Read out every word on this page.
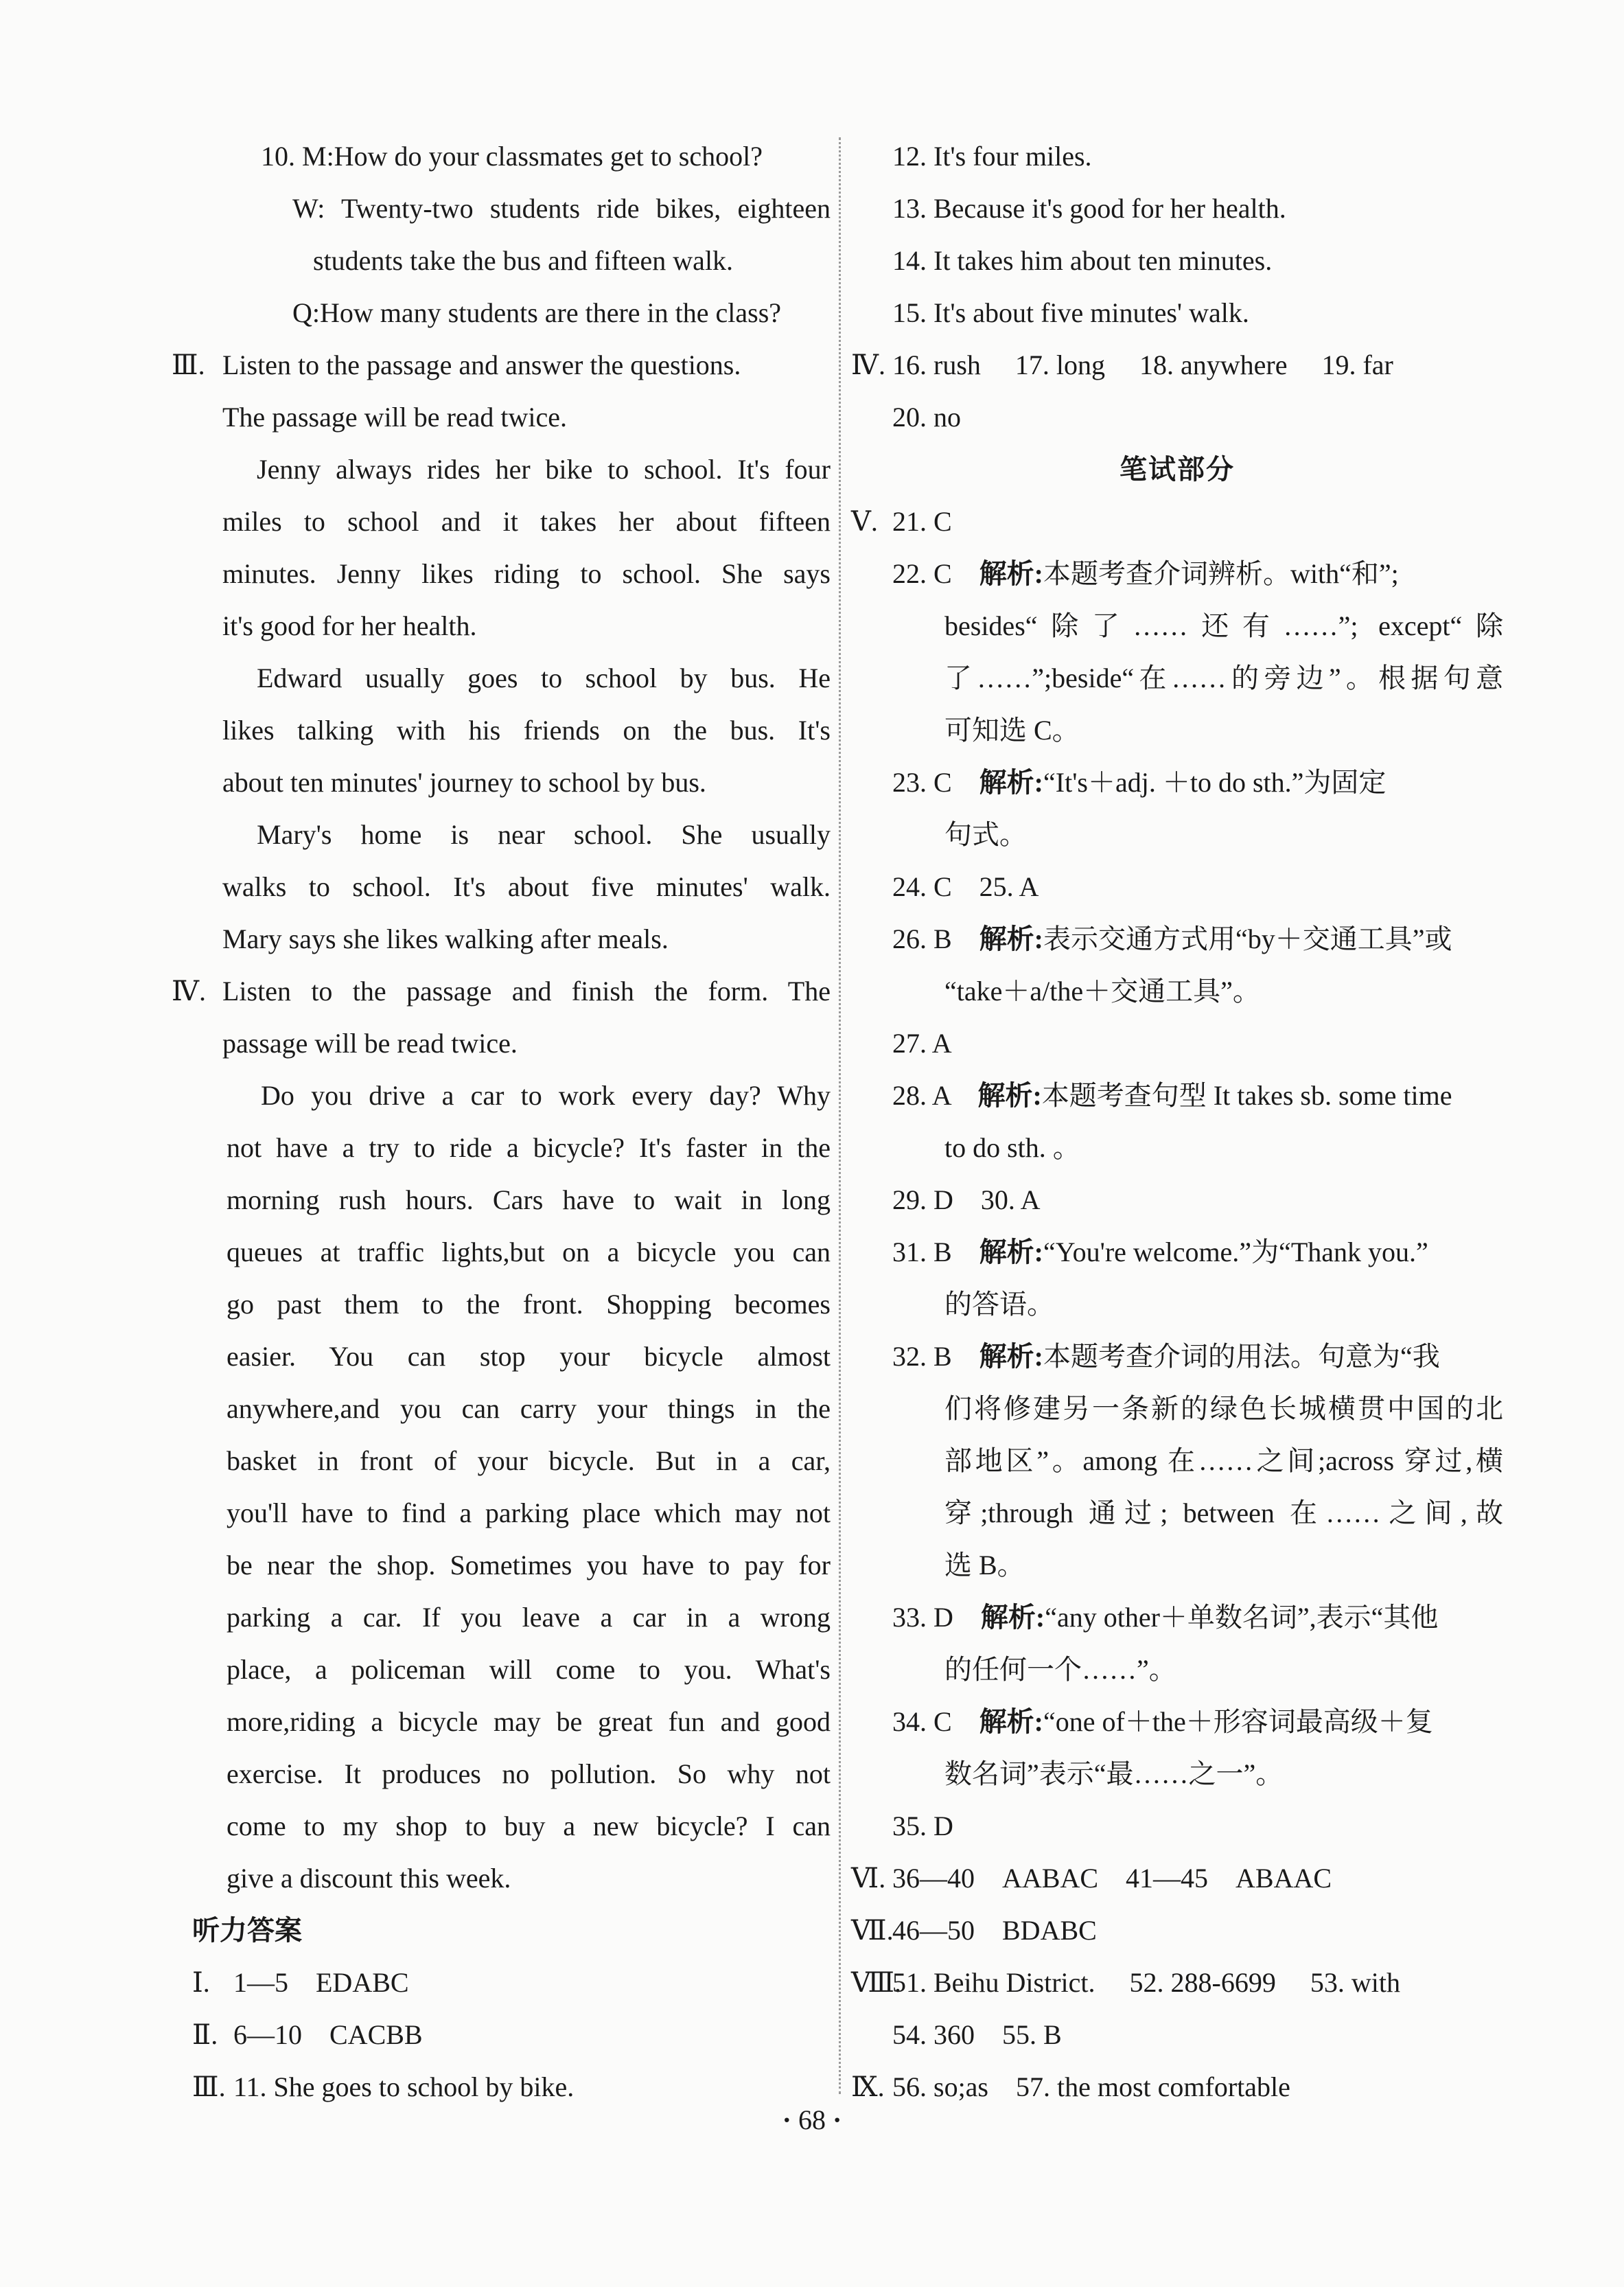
10. M:How do your classmates get to school?
W: Twenty-two students ride bikes, eighteen
students take the bus and fifteen walk.
Q:How many students are there in the class?
Ⅲ. Listen to the passage and answer the questions.
The passage will be read twice.
Jenny always rides her bike to school. It's four
miles to school and it takes her about fifteen
minutes. Jenny likes riding to school. She says
it's good for her health.
Edward usually goes to school by bus. He
likes talking with his friends on the bus. It's
about ten minutes' journey to school by bus.
Mary's home is near school. She usually
walks to school. It's about five minutes' walk.
Mary says she likes walking after meals.
Ⅳ. Listen to the passage and finish the form. The
passage will be read twice.
Do you drive a car to work every day? Why
not have a try to ride a bicycle? It's faster in the
morning rush hours. Cars have to wait in long
queues at traffic lights,but on a bicycle you can
go past them to the front. Shopping becomes
easier. You can stop your bicycle almost
anywhere,and you can carry your things in the
basket in front of your bicycle. But in a car,
you'll have to find a parking place which may not
be near the shop. Sometimes you have to pay for
parking a car. If you leave a car in a wrong
place, a policeman will come to you. What's
more,riding a bicycle may be great fun and good
exercise. It produces no pollution. So why not
come to my shop to buy a new bicycle? I can
give a discount this week.
听力答案
Ⅰ. 1—5　EDABC
Ⅱ. 6—10　CACBB
Ⅲ. 11. She goes to school by bike.
12. It's four miles.
13. Because it's good for her health.
14. It takes him about ten minutes.
15. It's about five minutes' walk.
Ⅳ. 16. rush　 17. long　 18. anywhere　 19. far
20. no
笔试部分
Ⅴ. 21. C
22. C　 解析:本题考查介词辨析。with“和”;
besides“除了……还有……”; except“除
了……”;beside“在……的旁边”。根据句意
可知选 C。
23. C　 解析:“It's＋adj. ＋to do sth.”为固定
句式。
24. C　25. A
26. B　 解析:表示交通方式用“by＋交通工具”或
“take＋a/the＋交通工具”。
27. A
28. A　 解析:本题考查句型 It takes sb. some time
to do sth. 。
29. D　30. A
31. B　 解析:“You're welcome.”为“Thank you.”
的答语。
32. B　 解析:本题考查介词的用法。句意为“我
们将修建另一条新的绿色长城横贯中国的北
部地区”。among 在……之间;across 穿过,横
穿;through 通过; between 在……之间,故
选 B。
33. D　 解析:“any other＋单数名词”,表示“其他
的任何一个……”。
34. C　 解析:“one of＋the＋形容词最高级＋复
数名词”表示“最……之一”。
35. D
Ⅵ. 36—40　AABAC　41—45　ABAAC
Ⅶ.46—50　BDABC
Ⅷ.51. Beihu District.　 52. 288-6699　 53. with
54. 360　55. B
Ⅸ. 56. so;as　57. the most comfortable
· 68 ·
